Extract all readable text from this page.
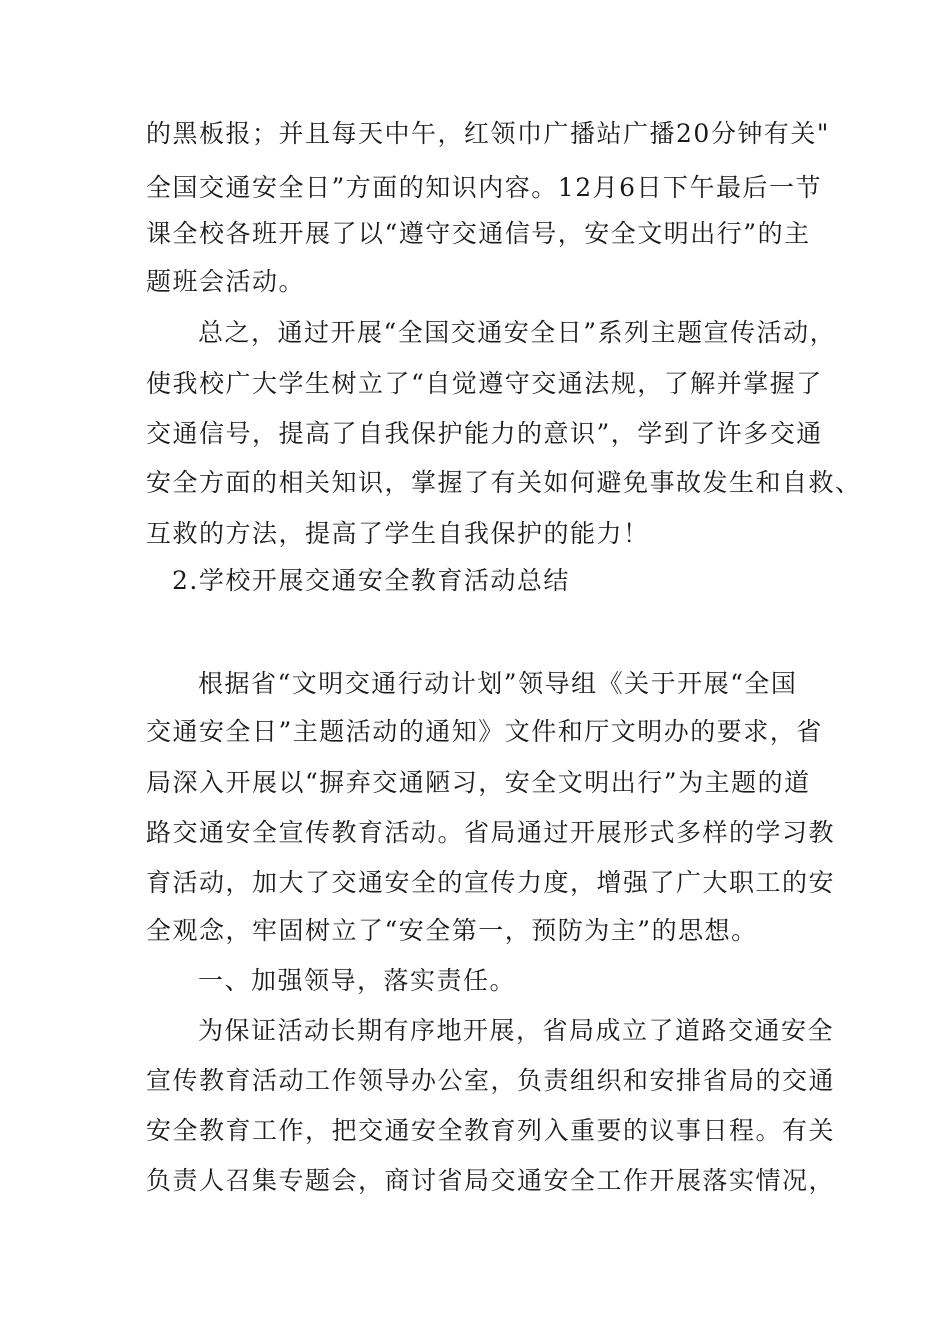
的黑板报；并且每天中午，红领巾广播站广播20分钟有关"
全国交通安全日”方面的知识内容。12月6日下午最后一节
课全校各班开展了以“遵守交通信号，安全文明出行”的主
题班会活动。
总之，通过开展“全国交通安全日”系列主题宣传活动，
使我校广大学生树立了“自觉遵守交通法规，了解并掌握了
交通信号，提高了自我保护能力的意识”，学到了许多交通
安全方面的相关知识，掌握了有关如何避免事故发生和自救、
互救的方法，提高了学生自我保护的能力！
2.学校开展交通安全教育活动总结
根据省“文明交通行动计划”领导组《关于开展“全国
交通安全日”主题活动的通知》文件和厅文明办的要求，省
局深入开展以“摒弃交通陋习，安全文明出行”为主题的道
路交通安全宣传教育活动。省局通过开展形式多样的学习教
育活动，加大了交通安全的宣传力度，增强了广大职工的安
全观念，牢固树立了“安全第一，预防为主”的思想。
一、加强领导，落实责任。
为保证活动长期有序地开展，省局成立了道路交通安全
宣传教育活动工作领导办公室，负责组织和安排省局的交通
安全教育工作，把交通安全教育列入重要的议事日程。有关
负责人召集专题会，商讨省局交通安全工作开展落实情况，
